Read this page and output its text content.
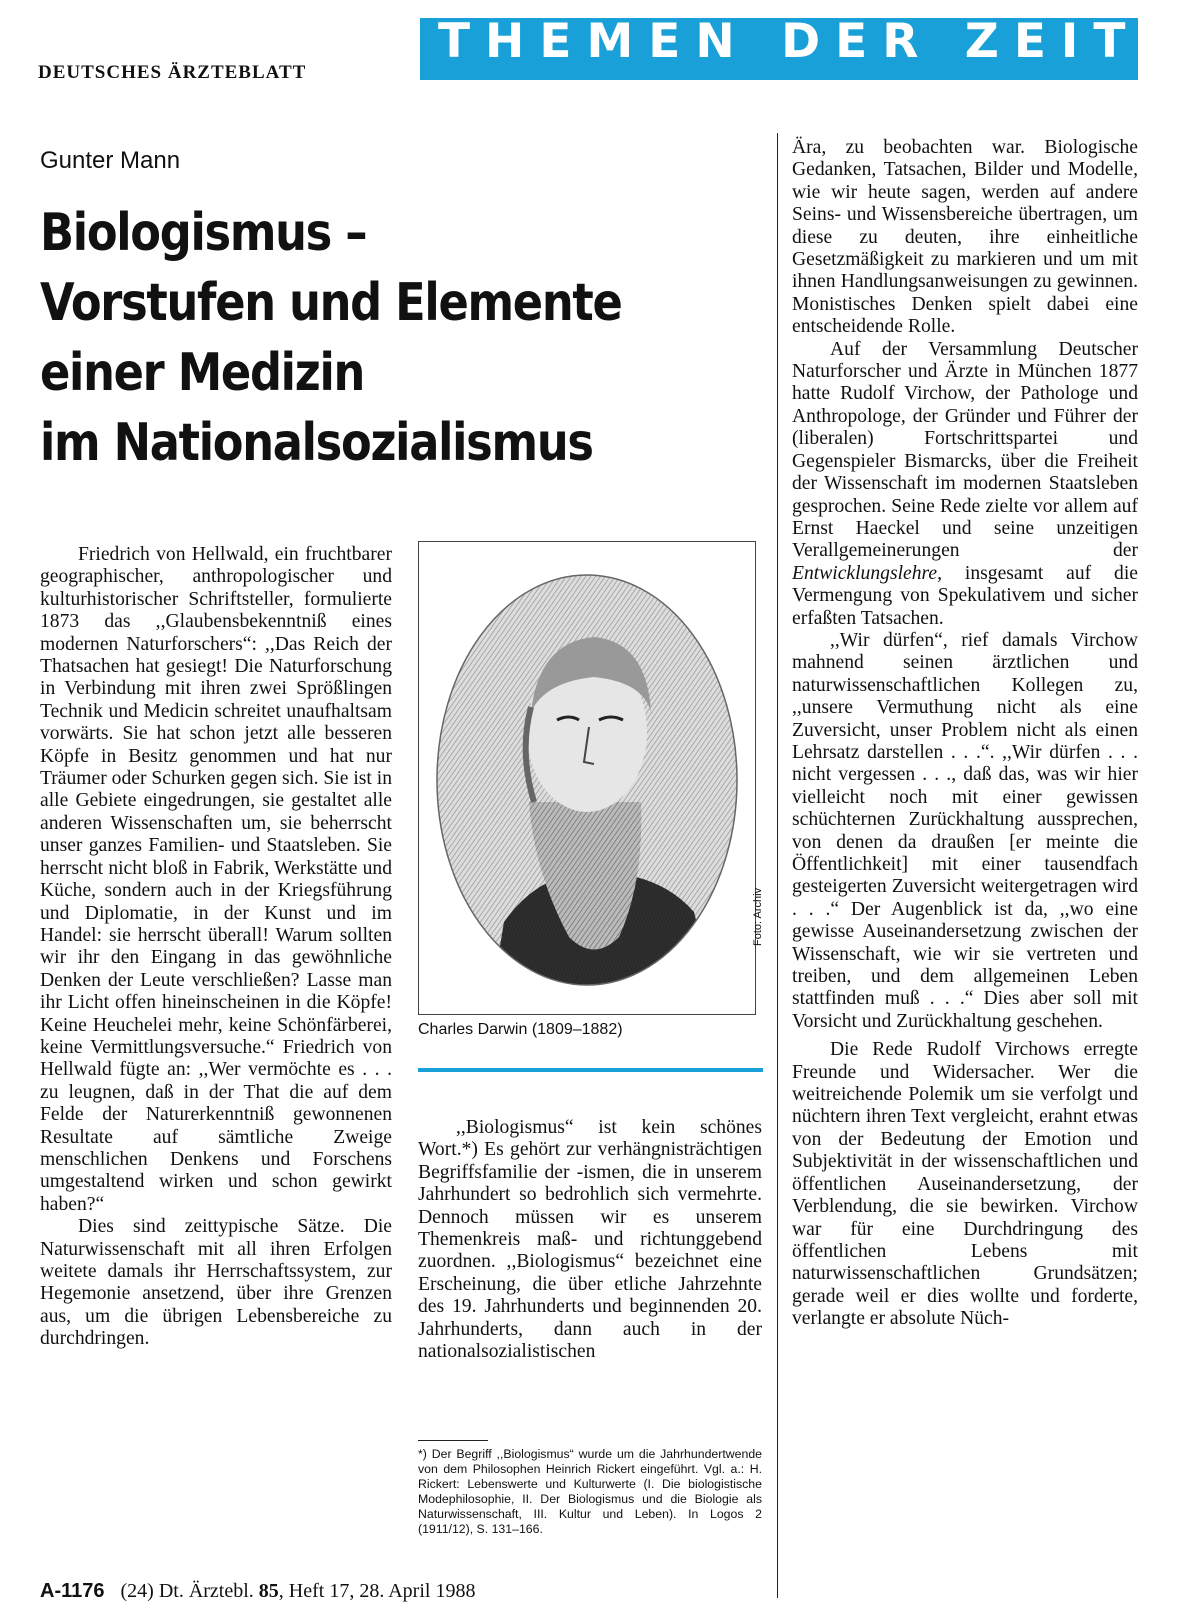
DEUTSCHES ÄRZTEBLATT
THEMEN DER ZEIT
Gunter Mann
Biologismus –
Vorstufen und Elemente
einer Medizin
im Nationalsozialismus

Friedrich von Hellwald, ein fruchtbarer geographischer, anthropologischer und kulturhistorischer Schriftsteller, formulierte 1873 das ,,Glaubensbekenntniß eines modernen Naturforschers“: ,,Das Reich der Thatsachen hat gesiegt! Die Naturforschung in Verbindung mit ihren zwei Sprößlingen Technik und Medicin schreitet unaufhaltsam vorwärts. Sie hat schon jetzt alle besseren Köpfe in Besitz genommen und hat nur Träumer oder Schurken gegen sich. Sie ist in alle Gebiete eingedrungen, sie gestaltet alle anderen Wissenschaften um, sie beherrscht unser ganzes Familien- und Staatsleben. Sie herrscht nicht bloß in Fabrik, Werkstätte und Küche, sondern auch in der Kriegsführung und Diplomatie, in der Kunst und im Handel: sie herrscht überall! Warum sollten wir ihr den Eingang in das gewöhnliche Denken der Leute verschließen? Lasse man ihr Licht offen hineinscheinen in die Köpfe! Keine Heuchelei mehr, keine Schönfärberei, keine Vermittlungsversuche.“ Friedrich von Hellwald fügte an: ,,Wer vermöchte es . . . zu leugnen, daß in der That die auf dem Felde der Naturerkenntniß gewonnenen Resultate auf sämtliche Zweige menschlichen Denkens und Forschens umgestaltend wirken und schon gewirkt haben?“

Dies sind zeittypische Sätze. Die Naturwissenschaft mit all ihren Erfolgen weitete damals ihr Herrschaftssystem, zur Hegemonie ansetzend, über ihre Grenzen aus, um die übrigen Lebensbereiche zu durchdringen.

Foto: Archiv
Charles Darwin (1809–1882)

,,Biologismus“ ist kein schönes Wort.*) Es gehört zur verhängnisträchtigen Begriffsfamilie der -ismen, die in unserem Jahrhundert so bedrohlich sich vermehrte. Dennoch müssen wir es unserem Themenkreis maß- und richtunggebend zuordnen. ,,Biologismus“ bezeichnet eine Erscheinung, die über etliche Jahrzehnte des 19. Jahrhunderts und beginnenden 20. Jahrhunderts, dann auch in der nationalsozialistischen

*) Der Begriff ,,Biologismus“ wurde um die Jahrhundertwende von dem Philosophen Heinrich Rickert eingeführt. Vgl. a.: H. Rickert: Lebenswerte und Kulturwerte (I. Die biologistische Modephilosophie, II. Der Biologismus und die Biologie als Naturwissenschaft, III. Kultur und Leben). In Logos 2 (1911/12), S. 131–166.

Ära, zu beobachten war. Biologische Gedanken, Tatsachen, Bilder und Modelle, wie wir heute sagen, werden auf andere Seins- und Wissensbereiche übertragen, um diese zu deuten, ihre einheitliche Gesetzmäßigkeit zu markieren und um mit ihnen Handlungsanweisungen zu gewinnen. Monistisches Denken spielt dabei eine entscheidende Rolle.

Auf der Versammlung Deutscher Naturforscher und Ärzte in München 1877 hatte Rudolf Virchow, der Pathologe und Anthropologe, der Gründer und Führer der (liberalen) Fortschrittspartei und Gegenspieler Bismarcks, über die Freiheit der Wissenschaft im modernen Staatsleben gesprochen. Seine Rede zielte vor allem auf Ernst Haeckel und seine unzeitigen Verallgemeinerungen der Entwicklungslehre, insgesamt auf die Vermengung von Spekulativem und sicher erfaßten Tatsachen.

,,Wir dürfen“, rief damals Virchow mahnend seinen ärztlichen und naturwissenschaftlichen Kollegen zu, ,,unsere Vermuthung nicht als eine Zuversicht, unser Problem nicht als einen Lehrsatz darstellen . . .“. ,,Wir dürfen . . . nicht vergessen . . ., daß das, was wir hier vielleicht noch mit einer gewissen schüchternen Zurückhaltung aussprechen, von denen da draußen [er meinte die Öffentlichkeit] mit einer tausendfach gesteigerten Zuversicht weitergetragen wird . . .“ Der Augenblick ist da, ,,wo eine gewisse Auseinandersetzung zwischen der Wissenschaft, wie wir sie vertreten und treiben, und dem allgemeinen Leben stattfinden muß . . .“ Dies aber soll mit Vorsicht und Zurückhaltung geschehen.

Die Rede Rudolf Virchows erregte Freunde und Widersacher. Wer die weitreichende Polemik um sie verfolgt und nüchtern ihren Text vergleicht, erahnt etwas von der Bedeutung der Emotion und Subjektivität in der wissenschaftlichen und öffentlichen Auseinandersetzung, der Verblendung, die sie bewirken. Virchow war für eine Durchdringung des öffentlichen Lebens mit naturwissenschaftlichen Grundsätzen; gerade weil er dies wollte und forderte, verlangte er absolute Nüch-

A-1176 (24) Dt. Ärztebl. 85, Heft 17, 28. April 1988
